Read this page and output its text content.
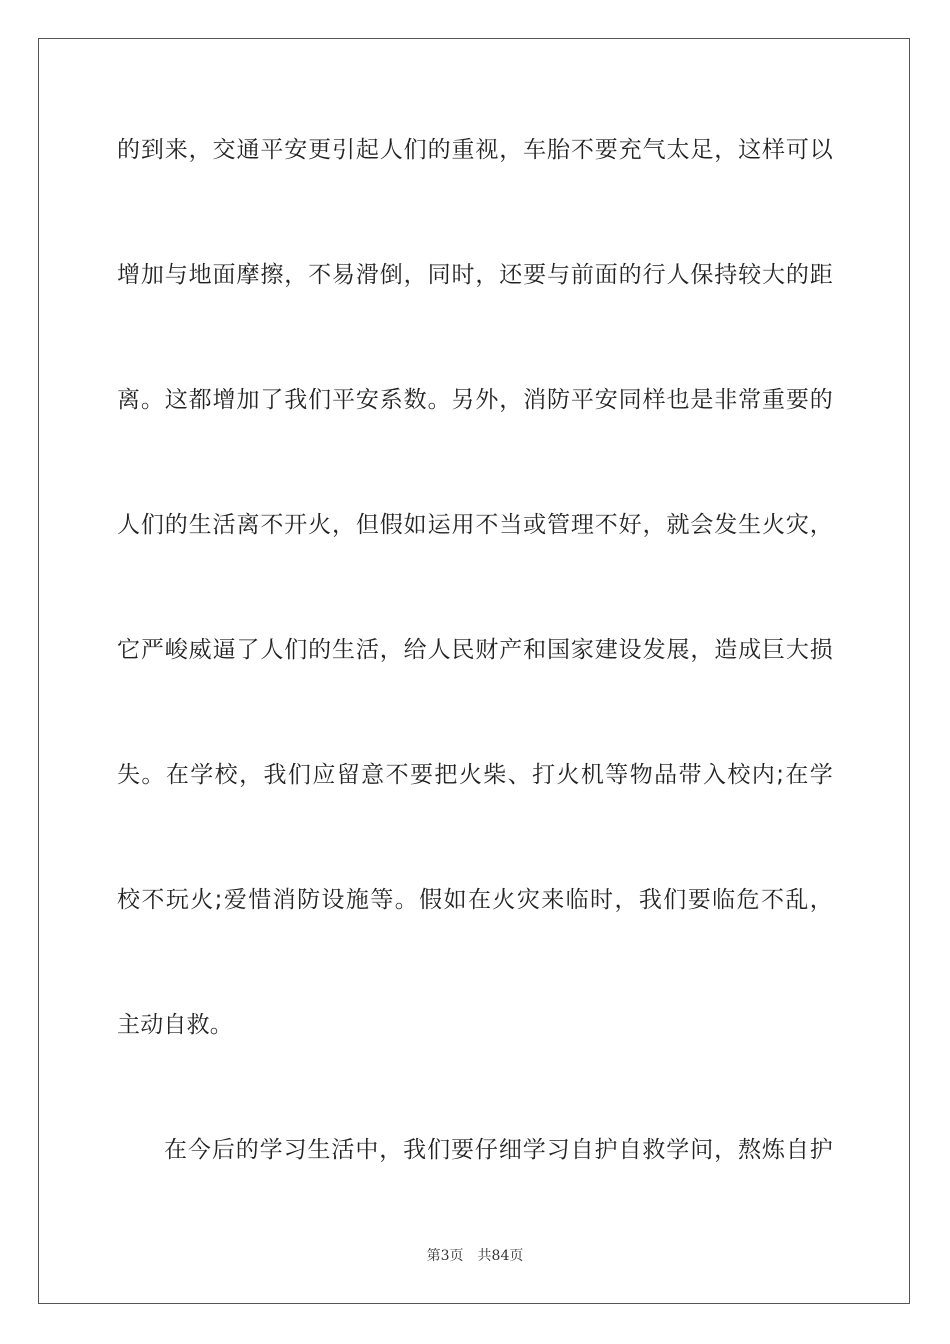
的到来，交通平安更引起人们的重视，车胎不要充气太足，这样可以
增加与地面摩擦，不易滑倒，同时，还要与前面的行人保持较大的距
离。这都增加了我们平安系数。另外，消防平安同样也是非常重要的
人们的生活离不开火，但假如运用不当或管理不好，就会发生火灾，
它严峻威逼了人们的生活，给人民财产和国家建设发展，造成巨大损
失。在学校，我们应留意不要把火柴、打火机等物品带入校内;在学
校不玩火;爱惜消防设施等。假如在火灾来临时，我们要临危不乱，
主动自救。
在今后的学习生活中，我们要仔细学习自护自救学问，熬炼自护
第3页 共84页
